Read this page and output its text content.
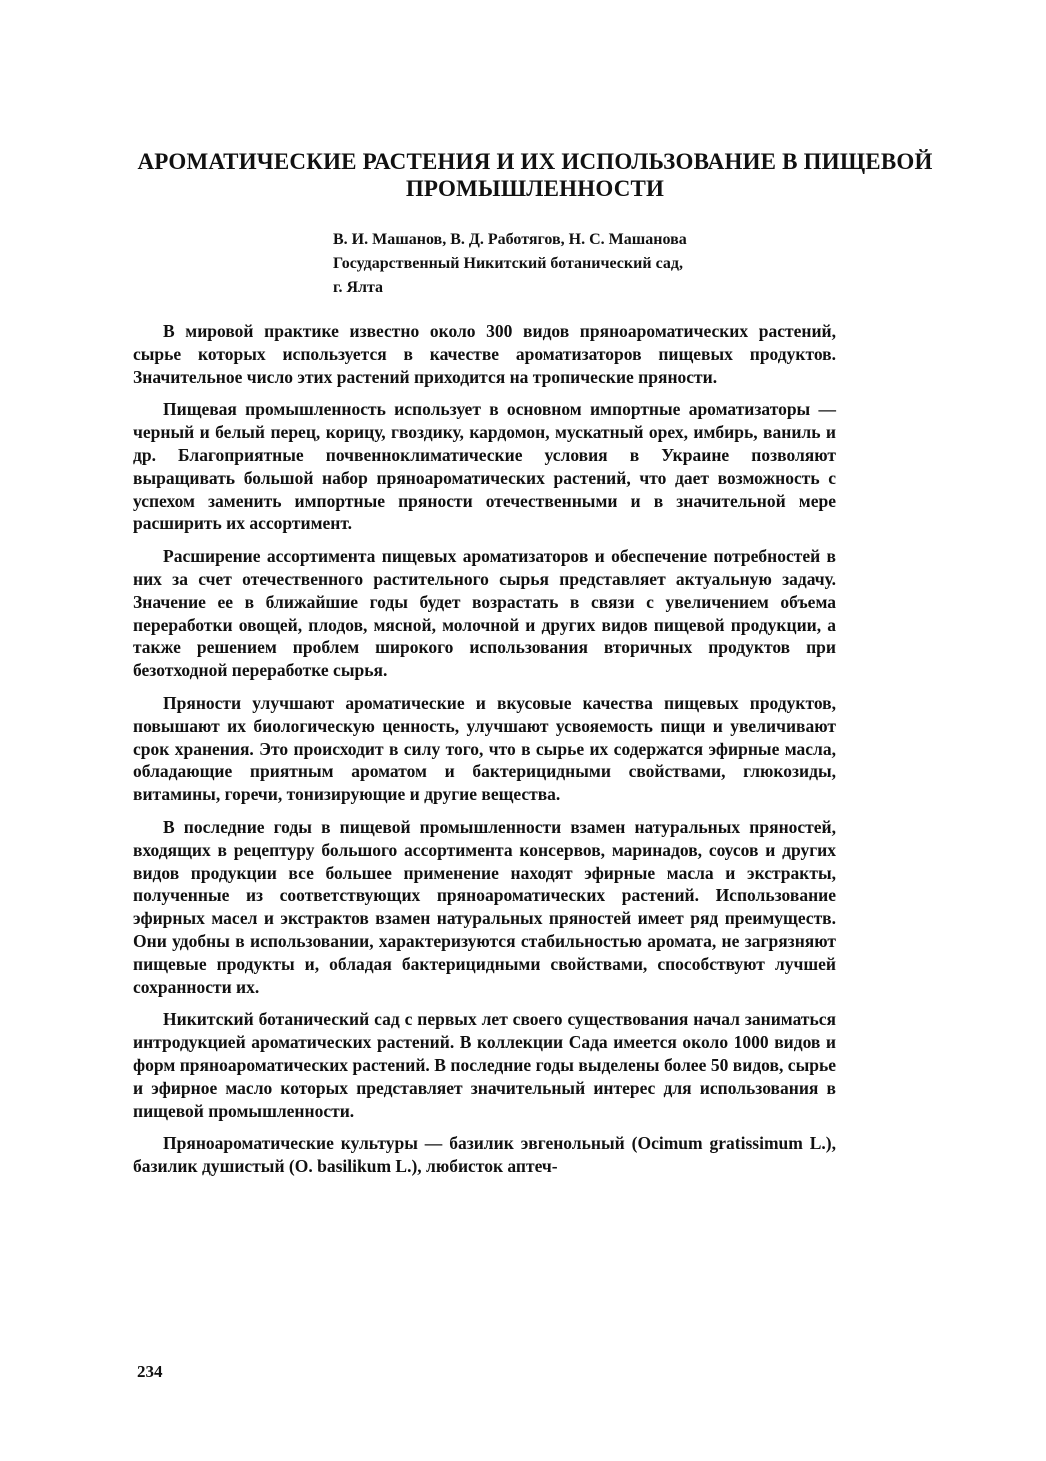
АРОМАТИЧЕСКИЕ РАСТЕНИЯ И ИХ ИСПОЛЬЗОВАНИЕ В ПИЩЕВОЙ ПРОМЫШЛЕННОСТИ
В. И. Машанов, В. Д. Работягов, Н. С. Машанова
Государственный Никитский ботанический сад,
г. Ялта

В мировой практике известно около 300 видов пряноароматических растений, сырье которых используется в качестве ароматизаторов пищевых продуктов. Значительное число этих растений приходится на тропические пряности.

Пищевая промышленность использует в основном импортные ароматизаторы — черный и белый перец, корицу, гвоздику, кардомон, мускатный орех, имбирь, ваниль и др. Благоприятные почвенноклиматические условия в Украине позволяют выращивать большой набор пряноароматических растений, что дает возможность с успехом заменить импортные пряности отечественными и в значительной мере расширить их ассортимент.

Расширение ассортимента пищевых ароматизаторов и обеспечение потребностей в них за счет отечественного растительного сырья представляет актуальную задачу. Значение ее в ближайшие годы будет возрастать в связи с увеличением объема переработки овощей, плодов, мясной, молочной и других видов пищевой продукции, а также решением проблем широкого использования вторичных продуктов при безотходной переработке сырья.

Пряности улучшают ароматические и вкусовые качества пищевых продуктов, повышают их биологическую ценность, улучшают усвояемость пищи и увеличивают срок хранения. Это происходит в силу того, что в сырье их содержатся эфирные масла, обладающие приятным ароматом и бактерицидными свойствами, глюкозиды, витамины, горечи, тонизирующие и другие вещества.

В последние годы в пищевой промышленности взамен натуральных пряностей, входящих в рецептуру большого ассортимента консервов, маринадов, соусов и других видов продукции все большее применение находят эфирные масла и экстракты, полученные из соответствующих пряноароматических растений. Использование эфирных масел и экстрактов взамен натуральных пряностей имеет ряд преимуществ. Они удобны в использовании, характеризуются стабильностью аромата, не загрязняют пищевые продукты и, обладая бактерицидными свойствами, способствуют лучшей сохранности их.

Никитский ботанический сад с первых лет своего существования начал заниматься интродукцией ароматических растений. В коллекции Сада имеется около 1000 видов и форм пряноароматических растений. В последние годы выделены более 50 видов, сырье и эфирное масло которых представляет значительный интерес для использования в пищевой промышленности.

Пряноароматические культуры — базилик эвгенольный (Ocimum gratissimum L.), базилик душистый (O. basilikum L.), любисток аптеч-

234
